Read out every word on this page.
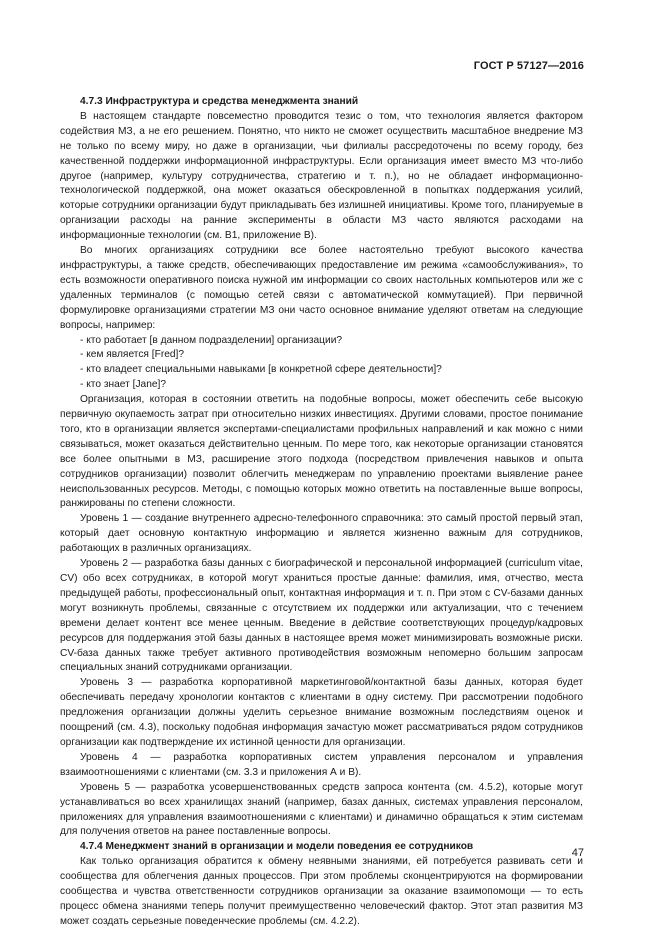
ГОСТ Р 57127—2016
4.7.3 Инфраструктура и средства менеджмента знаний

В настоящем стандарте повсеместно проводится тезис о том, что технология является фактором содействия МЗ, а не его решением. Понятно, что никто не сможет осуществить масштабное внедрение МЗ не только по всему миру, но даже в организации, чьи филиалы рассредоточены по всему городу, без качественной поддержки информационной инфраструктуры. Если организация имеет вместо МЗ что-либо другое (например, культуру сотрудничества, стратегию и т. п.), но не обладает информационно-технологической поддержкой, она может оказаться обескровленной в попытках поддержания усилий, которые сотрудники организации будут прикладывать без излишней инициативы. Кроме того, планируемые в организации расходы на ранние эксперименты в области МЗ часто являются расходами на информационные технологии (см. В1, приложение В).

Во многих организациях сотрудники все более настоятельно требуют высокого качества инфраструктуры, а также средств, обеспечивающих предоставление им режима «самообслуживания», то есть возможности оперативного поиска нужной им информации со своих настольных компьютеров или же с удаленных терминалов (с помощью сетей связи с автоматической коммутацией). При первичной формулировке организациями стратегии МЗ они часто основное внимание уделяют ответам на следующие вопросы, например:

- кто работает [в данном подразделении] организации?
- кем является [Fred]?
- кто владеет специальными навыками [в конкретной сфере деятельности]?
- кто знает [Jane]?

Организация, которая в состоянии ответить на подобные вопросы, может обеспечить себе высокую первичную окупаемость затрат при относительно низких инвестициях. Другими словами, простое понимание того, кто в организации является экспертами-специалистами профильных направлений и как можно с ними связываться, может оказаться действительно ценным. По мере того, как некоторые организации становятся все более опытными в МЗ, расширение этого подхода (посредством привлечения навыков и опыта сотрудников организации) позволит облегчить менеджерам по управлению проектами выявление ранее неиспользованных ресурсов. Методы, с помощью которых можно ответить на поставленные выше вопросы, ранжированы по степени сложности.

Уровень 1 — создание внутреннего адресно-телефонного справочника: это самый простой первый этап, который дает основную контактную информацию и является жизненно важным для сотрудников, работающих в различных организациях.

Уровень 2 — разработка базы данных с биографической и персональной информацией (curriculum vitae, CV) обо всех сотрудниках, в которой могут храниться простые данные: фамилия, имя, отчество, места предыдущей работы, профессиональный опыт, контактная информация и т. п. При этом с CV-базами данных могут возникнуть проблемы, связанные с отсутствием их поддержки или актуализации, что с течением времени делает контент все менее ценным. Введение в действие соответствующих процедур/кадровых ресурсов для поддержания этой базы данных в настоящее время может минимизировать возможные риски. CV-база данных также требует активного противодействия возможным непомерно большим запросам специальных знаний сотрудниками организации.

Уровень 3 — разработка корпоративной маркетинговой/контактной базы данных, которая будет обеспечивать передачу хронологии контактов с клиентами в одну систему. При рассмотрении подобного предложения организации должны уделить серьезное внимание возможным последствиям оценок и поощрений (см. 4.3), поскольку подобная информация зачастую может рассматриваться рядом сотрудников организации как подтверждение их истинной ценности для организации.

Уровень 4 — разработка корпоративных систем управления персоналом и управления взаимоотношениями с клиентами (см. 3.3 и приложения А и В).

Уровень 5 — разработка усовершенствованных средств запроса контента (см. 4.5.2), которые могут устанавливаться во всех хранилищах знаний (например, базах данных, системах управления персоналом, приложениях для управления взаимоотношениями с клиентами) и динамично обращаться к этим системам для получения ответов на ранее поставленные вопросы.

4.7.4 Менеджмент знаний в организации и модели поведения ее сотрудников

Как только организация обратится к обмену неявными знаниями, ей потребуется развивать сети и сообщества для облегчения данных процессов. При этом проблемы сконцентрируются на формировании сообщества и чувства ответственности сотрудников организации за оказание взаимопомощи — то есть процесс обмена знаниями теперь получит преимущественно человеческий фактор. Этот этап развития МЗ может создать серьезные поведенческие проблемы (см. 4.2.2).

47
